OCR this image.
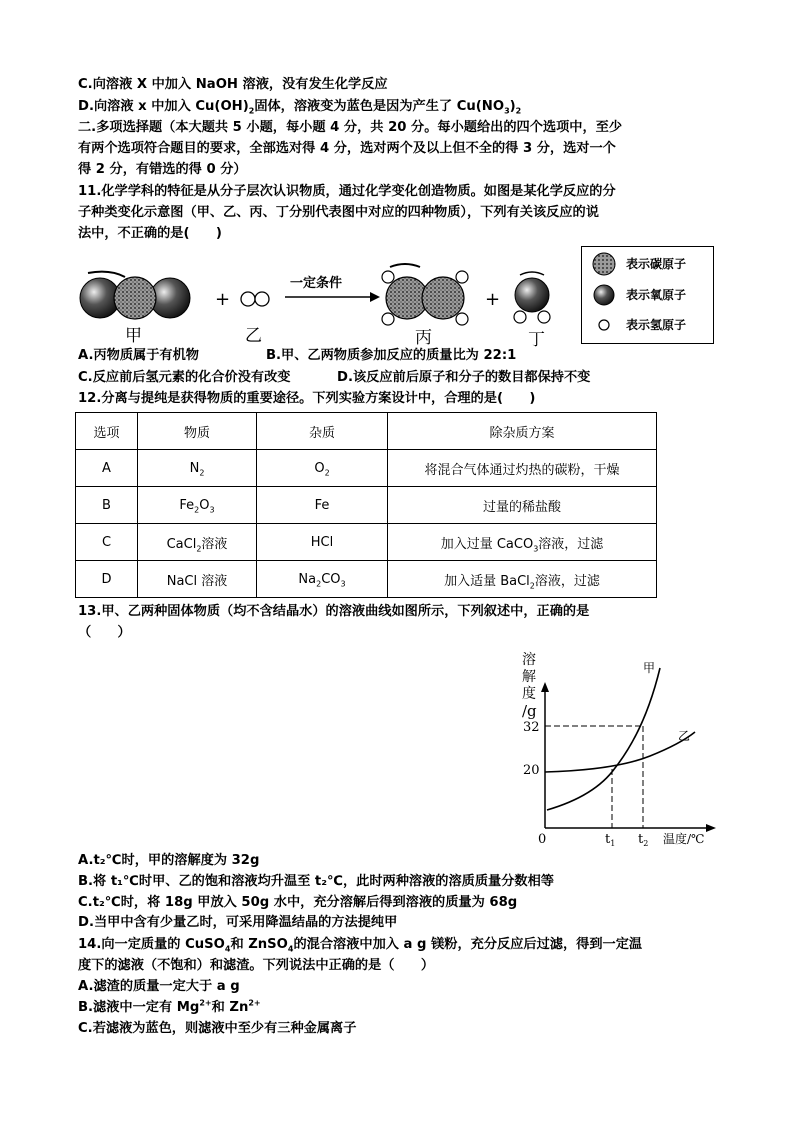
C.向溶液 X 中加入 NaOH 溶液，没有发生化学反应
D.向溶液 x 中加入 $Cu(OH)_2$固体，溶液变为蓝色是因为产生了 $Cu(NO_3)_2$
二.多项选择题（本大题共 5 小题，每小题 4 分，共 20 分。每小题给出的四个选项中，至少
有两个选项符合题目的要求，全部选对得 4 分，选对两个及以上但不全的得 3 分，选对一个
得 2 分，有错选的得 0 分）
11.化学学科的特征是从分子层次认识物质，通过化学变化创造物质。如图是某化学反应的分
子种类变化示意图（甲、乙、丙、丁分别代表图中对应的四种物质），下列有关该反应的说
法中，不正确的是(　　)
甲
+
乙
一定条件
丙
+
丁
表示碳原子
表示氧原子
表示氢原子
A.丙物质属于有机物	B.甲、乙两物质参加反应的质量比为 22:1
C.反应前后氢元素的化合价没有改变	D.该反应前后原子和分子的数目都保持不变
12.分离与提纯是获得物质的重要途径。下列实验方案设计中，合理的是(　　)
选项	物质	杂质	除杂质方案
A	$N_2$	$O_2$	将混合气体通过灼热的碳粉，干燥
B	$Fe_2O_3$	Fe	过量的稀盐酸
C	CaCl$_2$溶液	HCl	加入过量 CaCO$_3$溶液，过滤
D	NaCl 溶液	$Na_2CO_3$	加入适量 BaCl$_2$溶液，过滤
13.甲、乙两种固体物质（均不含结晶水）的溶液曲线如图所示，下列叙述中，正确的是
（　　）
溶
解
度
/g
32
20
0	$t_1$ $t_2$ 温度/℃
甲
乙
A.t₂℃时，甲的溶解度为 32g
B.将 t₁℃时甲、乙的饱和溶液均升温至 t₂℃，此时两种溶液的溶质质量分数相等
C.t₂℃时，将 18g 甲放入 50g 水中，充分溶解后得到溶液的质量为 68g
D.当甲中含有少量乙时，可采用降温结晶的方法提纯甲
14.向一定质量的 CuSO$_4$和 ZnSO$_4$的混合溶液中加入 a g 镁粉，充分反应后过滤，得到一定温
度下的滤液（不饱和）和滤渣。下列说法中正确的是（　　）
A.滤渣的质量一定大于 a g
B.滤液中一定有 $Mg^{2+}$和 $Zn^{2+}$
C.若滤液为蓝色，则滤液中至少有三种金属离子
